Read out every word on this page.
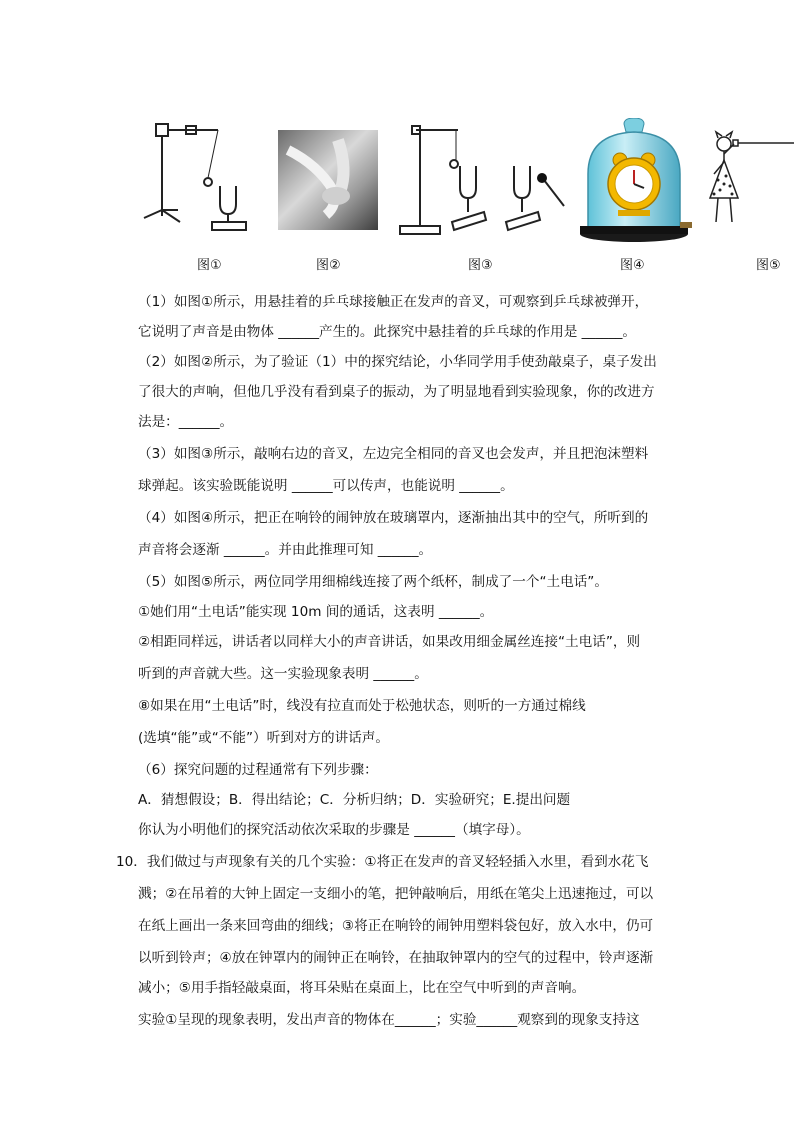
图①	图②	图③	图④	图⑤
（1）如图①所示，用悬挂着的乒乓球接触正在发声的音叉，可观察到乒乓球被弹开，
它说明了声音是由物体 ______产生的。此探究中悬挂着的乒乓球的作用是 ______。
（2）如图②所示，为了验证（1）中的探究结论，小华同学用手使劲敲桌子，桌子发出
了很大的声响，但他几乎没有看到桌子的振动，为了明显地看到实验现象，你的改进方
法是：______。
（3）如图③所示，敲响右边的音叉，左边完全相同的音叉也会发声，并且把泡沫塑料
球弹起。该实验既能说明 ______可以传声，也能说明 ______。
（4）如图④所示，把正在响铃的闹钟放在玻璃罩内，逐渐抽出其中的空气，所听到的
声音将会逐渐 ______。并由此推理可知 ______。
（5）如图⑤所示，两位同学用细棉线连接了两个纸杯，制成了一个“土电话”。
①她们用“土电话”能实现 10m 间的通话，这表明 ______。
②相距同样远，讲话者以同样大小的声音讲话，如果改用细金属丝连接“土电话”，则
听到的声音就大些。这一实验现象表明 ______。
⑧如果在用“土电话”时，线没有拉直而处于松弛状态，则听的一方通过棉线
(选填“能”或“不能”）听到对方的讲话声。
（6）探究问题的过程通常有下列步骤：
A．猜想假设；B．得出结论；C．分析归纳；D．实验研究；E.提出问题
你认为小明他们的探究活动依次采取的步骤是 ______（填字母）。
10．我们做过与声现象有关的几个实验：①将正在发声的音叉轻轻插入水里，看到水花飞
溅；②在吊着的大钟上固定一支细小的笔，把钟敲响后，用纸在笔尖上迅速拖过，可以
在纸上画出一条来回弯曲的细线；③将正在响铃的闹钟用塑料袋包好，放入水中，仍可
以听到铃声；④放在钟罩内的闹钟正在响铃，在抽取钟罩内的空气的过程中，铃声逐渐
减小；⑤用手指轻敲桌面，将耳朵贴在桌面上，比在空气中听到的声音响。
实验①呈现的现象表明，发出声音的物体在______；实验______观察到的现象支持这
